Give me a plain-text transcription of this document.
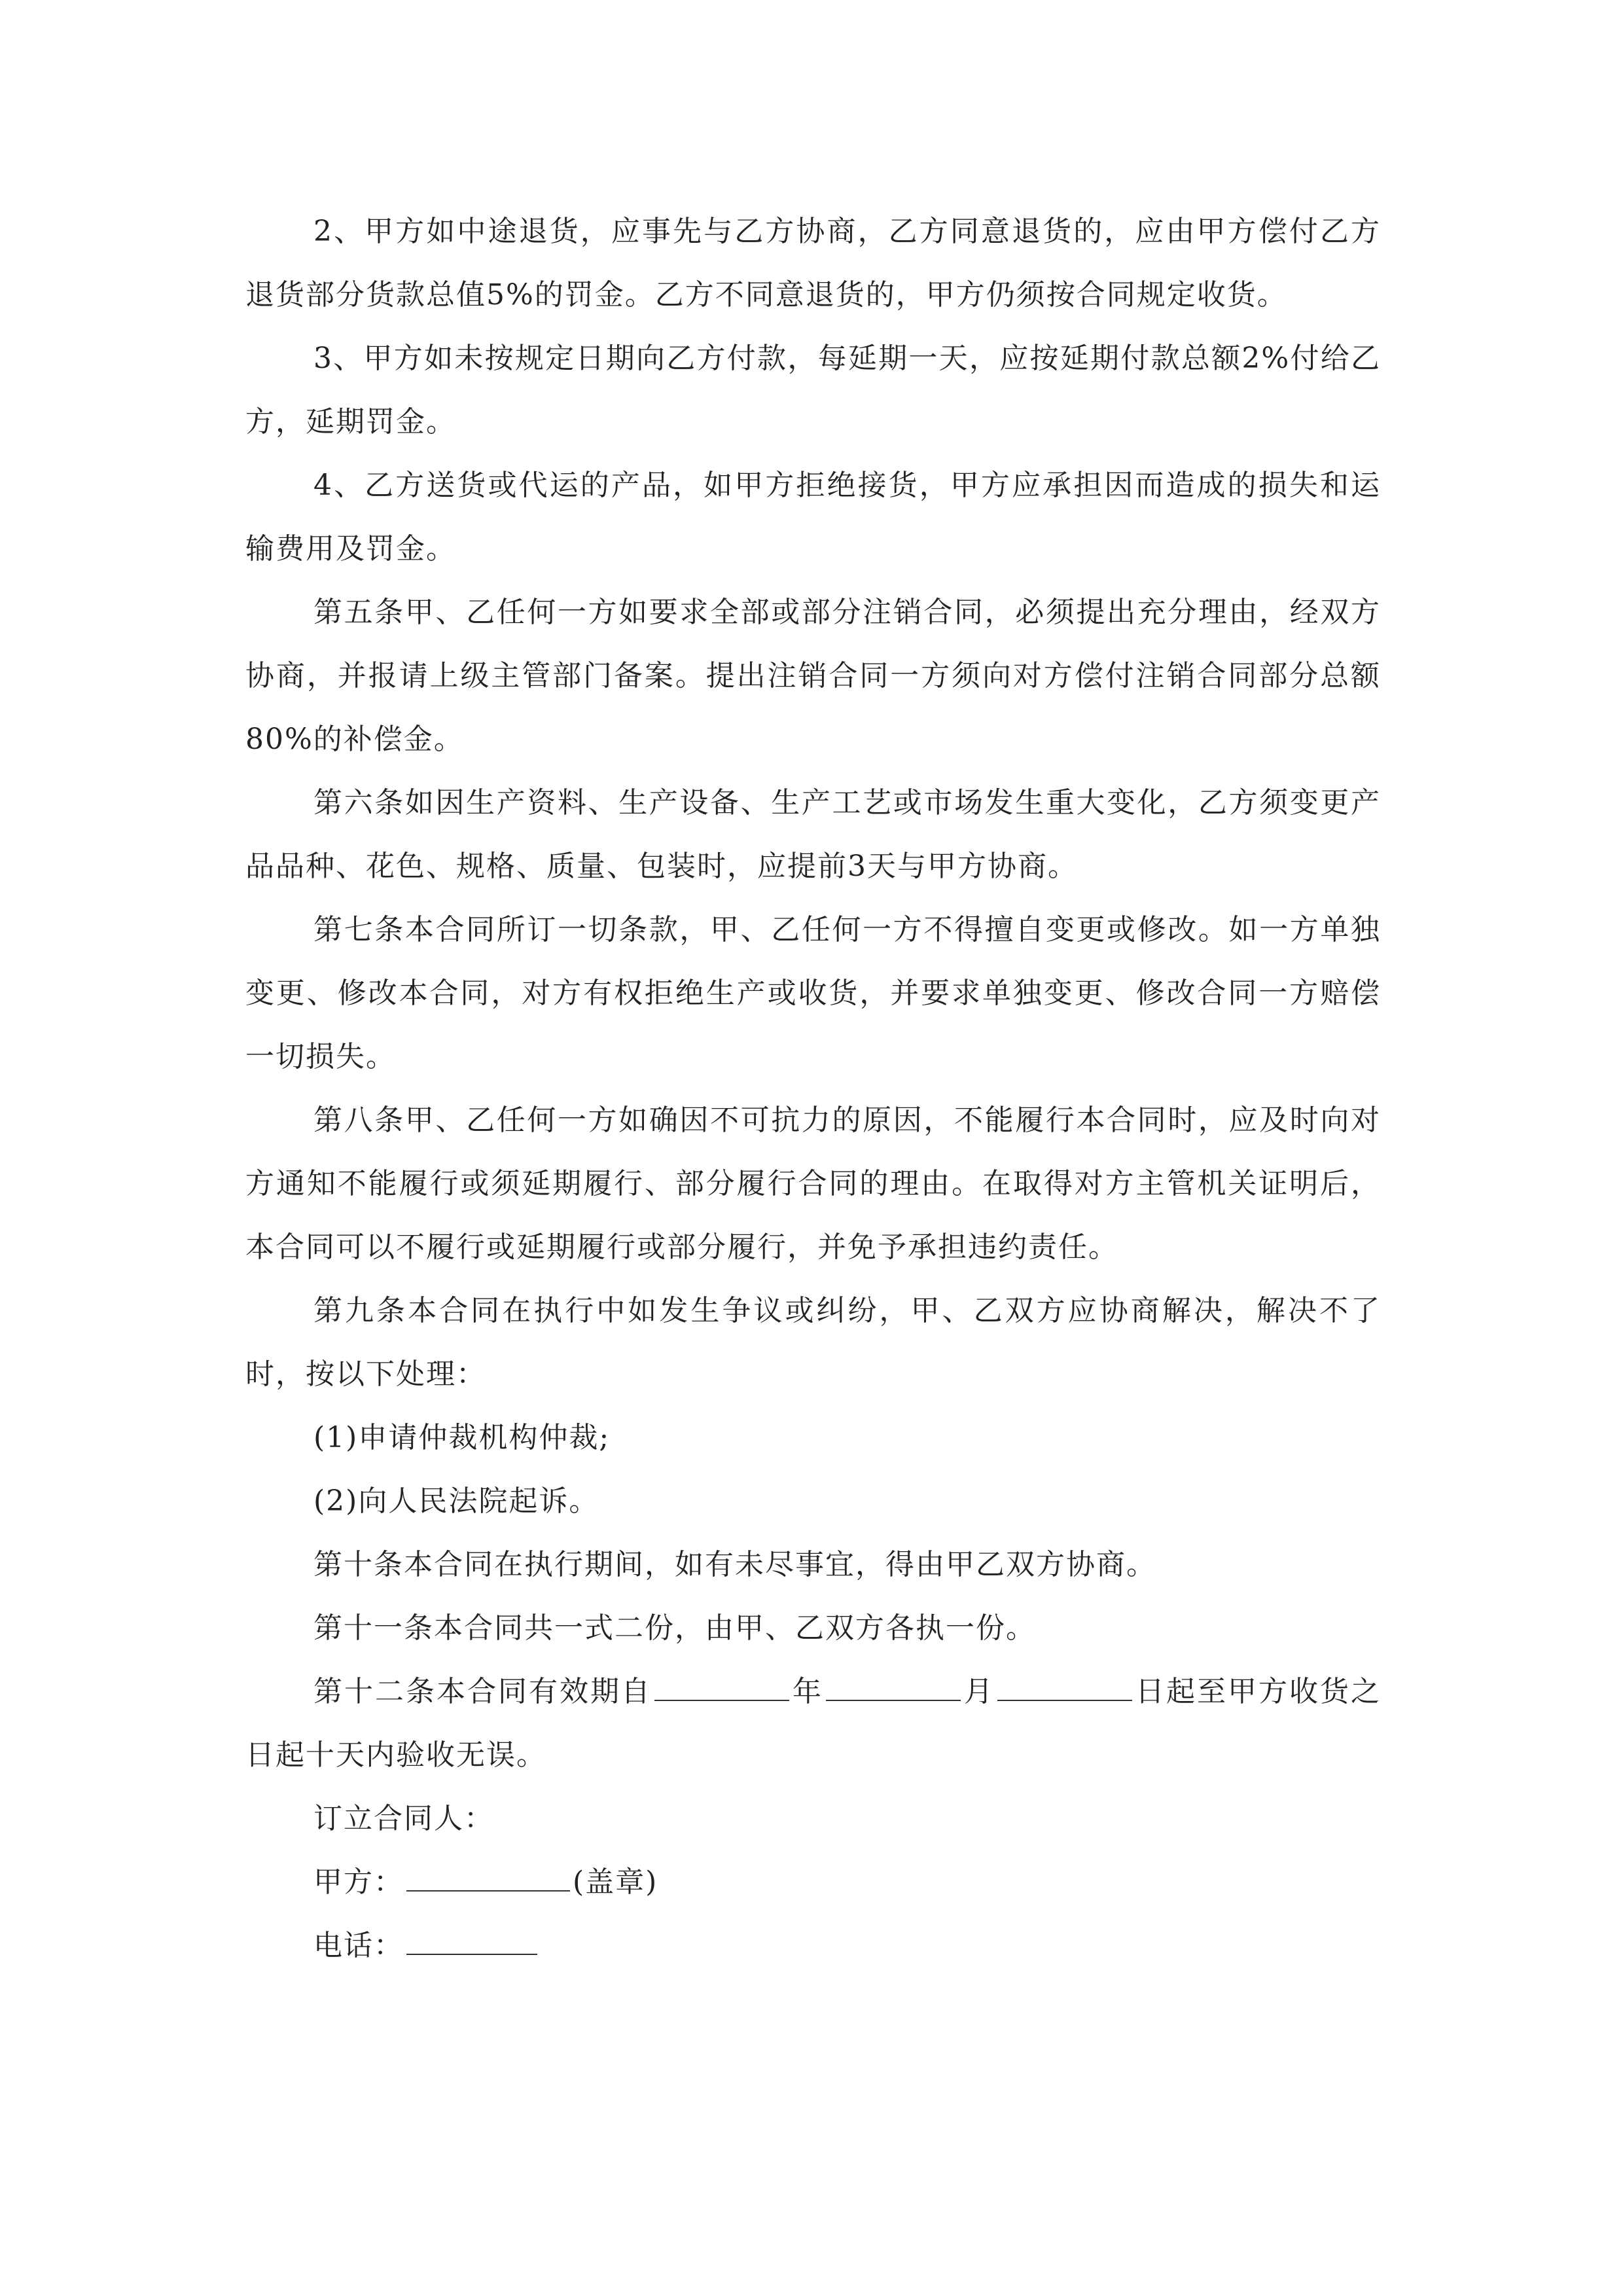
2、甲方如中途退货，应事先与乙方协商，乙方同意退货的，应由甲方偿付乙方退货部分货款总值5%的罚金。乙方不同意退货的，甲方仍须按合同规定收货。

3、甲方如未按规定日期向乙方付款，每延期一天，应按延期付款总额2%付给乙方，延期罚金。

4、乙方送货或代运的产品，如甲方拒绝接货，甲方应承担因而造成的损失和运输费用及罚金。

第五条甲、乙任何一方如要求全部或部分注销合同，必须提出充分理由，经双方协商，并报请上级主管部门备案。提出注销合同一方须向对方偿付注销合同部分总额80%的补偿金。

第六条如因生产资料、生产设备、生产工艺或市场发生重大变化，乙方须变更产品品种、花色、规格、质量、包装时，应提前3天与甲方协商。

第七条本合同所订一切条款，甲、乙任何一方不得擅自变更或修改。如一方单独变更、修改本合同，对方有权拒绝生产或收货，并要求单独变更、修改合同一方赔偿一切损失。

第八条甲、乙任何一方如确因不可抗力的原因，不能履行本合同时，应及时向对方通知不能履行或须延期履行、部分履行合同的理由。在取得对方主管机关证明后，本合同可以不履行或延期履行或部分履行，并免予承担违约责任。

第九条本合同在执行中如发生争议或纠纷，甲、乙双方应协商解决，解决不了时，按以下处理：

(1)申请仲裁机构仲裁;

(2)向人民法院起诉。

第十条本合同在执行期间，如有未尽事宜，得由甲乙双方协商。

第十一条本合同共一式二份，由甲、乙双方各执一份。

第十二条本合同有效期自	年	月	日起至甲方收货之日起十天内验收无误。

订立合同人：

甲方：	(盖章)

电话：
